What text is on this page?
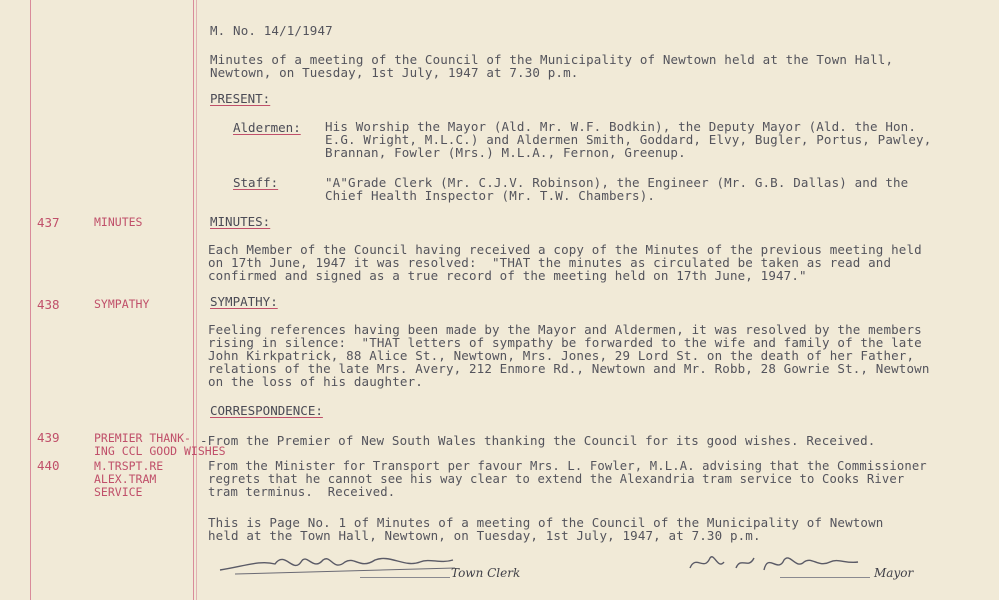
M. No. 14/1/1947
Minutes of a meeting of the Council of the Municipality of Newtown held at the Town Hall,
Newtown, on Tuesday, 1st July, 1947 at 7.30 p.m.
PRESENT:
Aldermen: His Worship the Mayor (Ald. Mr. W.F. Bodkin), the Deputy Mayor (Ald. the Hon.
E.G. Wright, M.L.C.) and Aldermen Smith, Goddard, Elvy, Bugler, Portus, Pawley,
Brannan, Fowler (Mrs.) M.L.A., Fernon, Greenup.
Staff:	"A"Grade Clerk (Mr. C.J.V. Robinson), the Engineer (Mr. G.B. Dallas) and the
Chief Health Inspector (Mr. T.W. Chambers).
437	MINUTES	MINUTES:
Each Member of the Council having received a copy of the Minutes of the previous meeting held
on 17th June, 1947 it was resolved:  "THAT the minutes as circulated be taken as read and
confirmed and signed as a true record of the meeting held on 17th June, 1947."
438	SYMPATHY	SYMPATHY:
Feeling references having been made by the Mayor and Aldermen, it was resolved by the members
rising in silence:  "THAT letters of sympathy be forwarded to the wife and family of the late
John Kirkpatrick, 88 Alice St., Newtown, Mrs. Jones, 29 Lord St. on the death of her Father,
relations of the late Mrs. Avery, 212 Enmore Rd., Newtown and Mr. Robb, 28 Gowrie St., Newtown
on the loss of his daughter.
CORRESPONDENCE:
439	PREMIER THANK-
ING CCL GOOD WISHES
-From the Premier of New South Wales thanking the Council for its good wishes. Received.
440	M.TRSPT.RE
ALEX.TRAM
SERVICE
From the Minister for Transport per favour Mrs. L. Fowler, M.L.A. advising that the Commissioner
regrets that he cannot see his way clear to extend the Alexandria tram service to Cooks River
tram terminus.  Received.
This is Page No. 1 of Minutes of a meeting of the Council of the Municipality of Newtown
held at the Town Hall, Newtown, on Tuesday, 1st July, 1947, at 7.30 p.m.
Town Clerk	Mayor
